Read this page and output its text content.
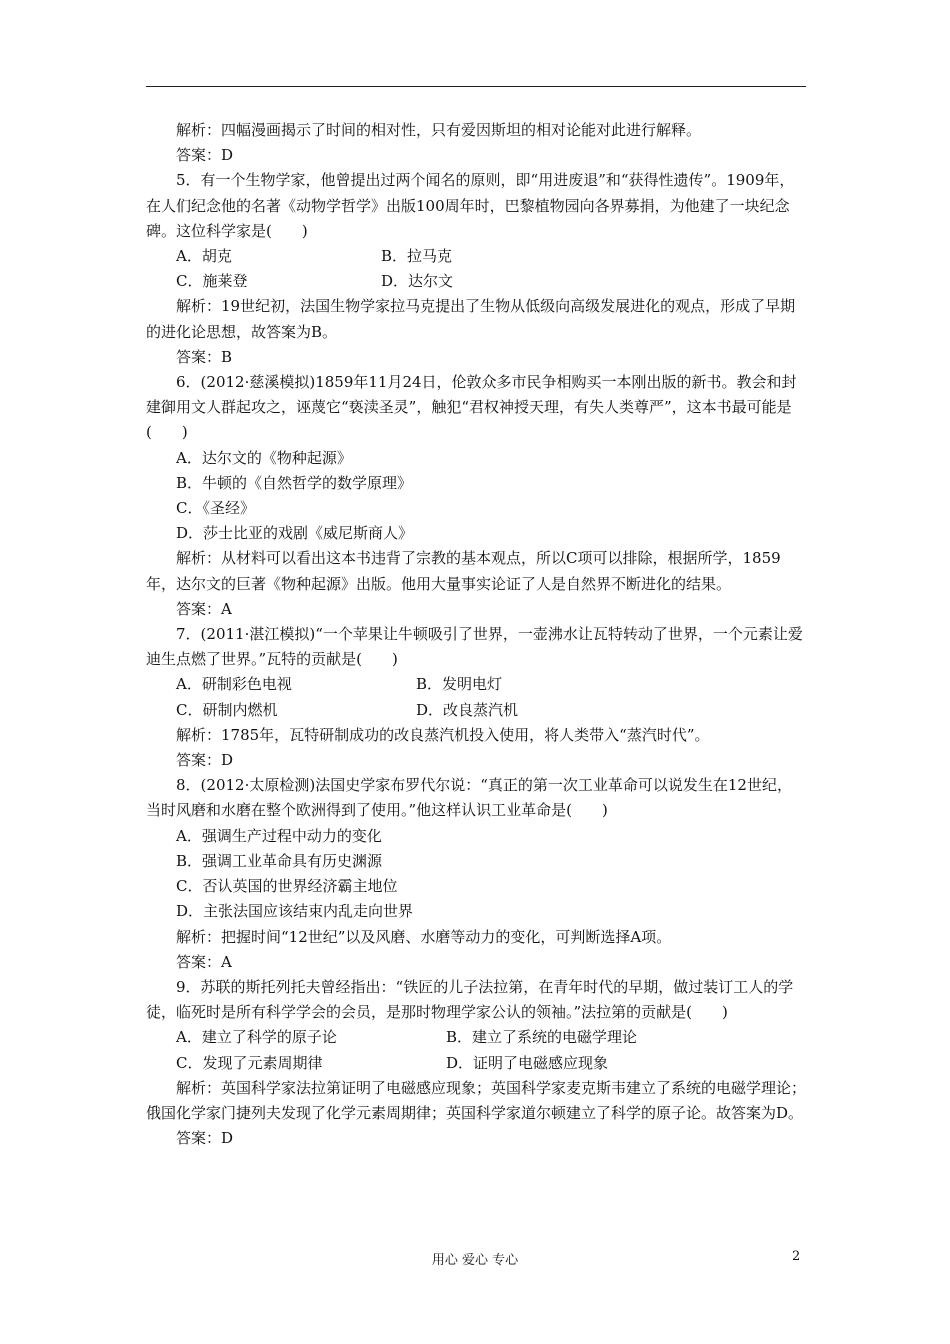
解析：四幅漫画揭示了时间的相对性，只有爱因斯坦的相对论能对此进行解释。

答案：D

5．有一个生物学家，他曾提出过两个闻名的原则，即“用进废退”和“获得性遗传”。1909年，在人们纪念他的名著《动物学哲学》出版100周年时，巴黎植物园向各界募捐，为他建了一块纪念碑。这位科学家是(　　)

A．胡克	B．拉马克
C．施莱登	D．达尔文

解析：19世纪初，法国生物学家拉马克提出了生物从低级向高级发展进化的观点，形成了早期的进化论思想，故答案为B。

答案：B

6．(2012·慈溪模拟)1859年11月24日，伦敦众多市民争相购买一本刚出版的新书。教会和封建御用文人群起攻之，诬蔑它“亵渎圣灵”，触犯“君权神授天理，有失人类尊严”，这本书最可能是(　　)

A．达尔文的《物种起源》

B．牛顿的《自然哲学的数学原理》

C．《圣经》

D．莎士比亚的戏剧《威尼斯商人》

解析：从材料可以看出这本书违背了宗教的基本观点，所以C项可以排除，根据所学，1859年，达尔文的巨著《物种起源》出版。他用大量事实论证了人是自然界不断进化的结果。

答案：A

7．(2011·湛江模拟)“一个苹果让牛顿吸引了世界，一壶沸水让瓦特转动了世界，一个元素让爱迪生点燃了世界。”瓦特的贡献是(　　)

A．研制彩色电视	B．发明电灯
C．研制内燃机	D．改良蒸汽机

解析：1785年，瓦特研制成功的改良蒸汽机投入使用，将人类带入“蒸汽时代”。

答案：D

8．(2012·太原检测)法国史学家布罗代尔说：“真正的第一次工业革命可以说发生在12世纪，当时风磨和水磨在整个欧洲得到了使用。”他这样认识工业革命是(　　)

A．强调生产过程中动力的变化

B．强调工业革命具有历史渊源

C．否认英国的世界经济霸主地位

D．主张法国应该结束内乱走向世界

解析：把握时间“12世纪”以及风磨、水磨等动力的变化，可判断选择A项。

答案：A

9．苏联的斯托列托夫曾经指出：“铁匠的儿子法拉第，在青年时代的早期，做过装订工人的学徒，临死时是所有科学学会的会员，是那时物理学家公认的领袖。”法拉第的贡献是(　　)

A．建立了科学的原子论	B．建立了系统的电磁学理论
C．发现了元素周期律	D．证明了电磁感应现象

解析：英国科学家法拉第证明了电磁感应现象；英国科学家麦克斯韦建立了系统的电磁学理论；俄国化学家门捷列夫发现了化学元素周期律；英国科学家道尔顿建立了科学的原子论。故答案为D。

答案：D

用心 爱心 专心	2
